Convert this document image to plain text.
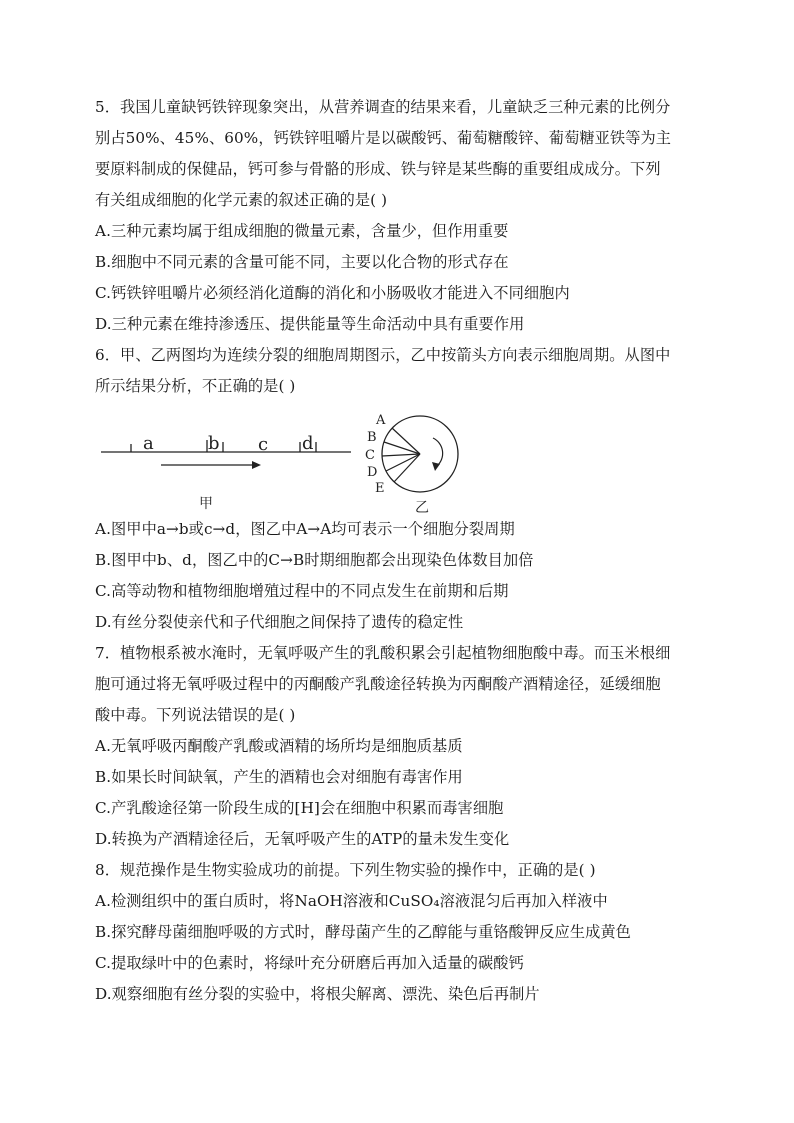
5．我国儿童缺钙铁锌现象突出，从营养调查的结果来看，儿童缺乏三种元素的比例分
别占50%、45%、60%，钙铁锌咀嚼片是以碳酸钙、葡萄糖酸锌、葡萄糖亚铁等为主
要原料制成的保健品，钙可参与骨骼的形成、铁与锌是某些酶的重要组成成分。下列
有关组成细胞的化学元素的叙述正确的是( )
A.三种元素均属于组成细胞的微量元素，含量少，但作用重要
B.细胞中不同元素的含量可能不同，主要以化合物的形式存在
C.钙铁锌咀嚼片必须经消化道酶的消化和小肠吸收才能进入不同细胞内
D.三种元素在维持渗透压、提供能量等生命活动中具有重要作用
6．甲、乙两图均为连续分裂的细胞周期图示，乙中按箭头方向表示细胞周期。从图中
所示结果分析，不正确的是( )
a	b c d
甲
A
B
C
D
E
乙
A.图甲中a→b或c→d，图乙中A→A均可表示一个细胞分裂周期
B.图甲中b、d，图乙中的C→B时期细胞都会出现染色体数目加倍
C.高等动物和植物细胞增殖过程中的不同点发生在前期和后期
D.有丝分裂使亲代和子代细胞之间保持了遗传的稳定性
7．植物根系被水淹时，无氧呼吸产生的乳酸积累会引起植物细胞酸中毒。而玉米根细
胞可通过将无氧呼吸过程中的丙酮酸产乳酸途径转换为丙酮酸产酒精途径，延缓细胞
酸中毒。下列说法错误的是( )
A.无氧呼吸丙酮酸产乳酸或酒精的场所均是细胞质基质
B.如果长时间缺氧，产生的酒精也会对细胞有毒害作用
C.产乳酸途径第一阶段生成的[H]会在细胞中积累而毒害细胞
D.转换为产酒精途径后，无氧呼吸产生的ATP的量未发生变化
8．规范操作是生物实验成功的前提。下列生物实验的操作中，正确的是( )
A.检测组织中的蛋白质时，将NaOH溶液和CuSO₄溶液混匀后再加入样液中
B.探究酵母菌细胞呼吸的方式时，酵母菌产生的乙醇能与重铬酸钾反应生成黄色
C.提取绿叶中的色素时，将绿叶充分研磨后再加入适量的碳酸钙
D.观察细胞有丝分裂的实验中，将根尖解离、漂洗、染色后再制片
